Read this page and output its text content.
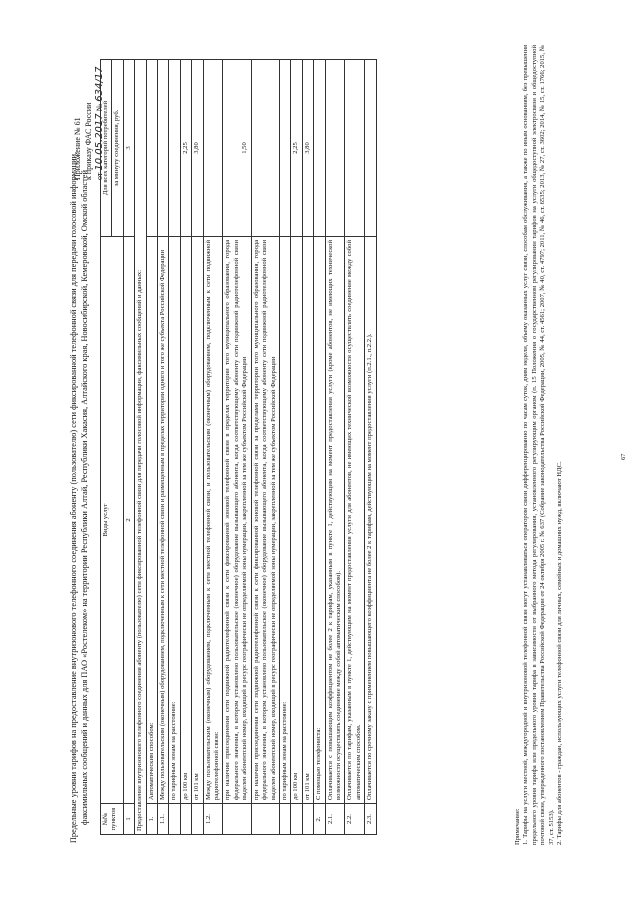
Приложение № 61 к приказу ФАС России от 10.05.2017 № 634/17
Предельные уровни тарифов на предоставление внутризонового телефонного соединения абоненту (пользователю) сети фиксированной телефонной связи для передачи голосовой информации, факсимильных сообщений и данных для ПАО «Ростелеком» на территории Республики Алтай, Республики Хакасия, Алтайского края, Новосибирской, Кемеровской, Омской областей №№ пунктов	Виды услуг	Для всех категорий потребителей
		за минуту соединения, руб.
1	2	3
Предоставление внутризонового телефонного соединения абоненту (пользователю) сети фиксированной телефонной связи для передачи голосовой информации, факсимильных сообщений и данных:		
1.	Автоматическим способом:	
1.1.	Между пользовательским (оконечным) оборудованием, подключенным к сети местной телефонной связи и размещенным в пределах территории одного и того же субъекта Российской Федерации	
	по тарифным зонам на расстояние:	
	до 100 км	2,25
	от 101 км	3,80
1.2.	Между пользовательским (оконечным) оборудованием, подключенным к сети местной телефонной связи, и пользовательским (оконечным) оборудованием, подключенным к сети подвижной радиотелефонной связи:	
	при наличии присоединения сети подвижной радиотелефонной связи к сети фиксированной зоновой телефонной связи в пределах территории того муниципального образования, города федерального значения, в котором установлено пользовательское (оконечное) оборудование вызывающего абонента, когда соответствующему абоненту сети подвижной радиотелефонной связи выделен абонентский номер, входящий в ресурс географически не определяемой зоны нумерации, закрепленной за тем же субъектом Российской Федерации	1,50
	при наличии присоединения сети подвижной радиотелефонной связи к сети фиксированной зоновой телефонной связи за пределами территории того муниципального образования, города федерального значения, в котором установлено пользовательское (оконечное) оборудование вызывающего абонента, когда соответствующему абоненту сети подвижной радиотелефонной связи выделен абонентский номер, входящий в ресурс географически не определяемой зоны нумерации, закрепленной за тем же субъектом Российской Федерации	
	по тарифным зонам на расстояние:	
	до 100 км	2,25
	от 101 км	3,80
2.	С помощью телефониста:	
2.1.	Оплачивается с повышающим коэффициентом не более 2 к тарифам, указанным в пункте 1, действующим на момент предоставления услуги (кроме абонентов, не имеющих технической возможности осуществлять соединение между собой автоматическим способом).	
2.2.	Оплачивается по тарифам, указанным в пункте 1, действующим на момент предоставления услуги для абонентов, не имеющих технической возможности осуществлять соединение между собой автоматическим способом.	
2.3.	Оплачивается по срочному заказу с применением повышающего коэффициента не более 2 к тарифам, действующим на момент предоставления услуги (п.2.1., п.2.2.).	
Примечание: 1. Тарифы на услуги местной, междугородной и внутризоновой телефонной связи могут устанавливаться оператором связи дифференцированно по часам суток, дням недели, объему оказанных услуг связи, способам обслуживания, а также по иным основаниям, без превышения предельного уровня тарифа или предельного уровня тарифа в зависимости от выбранного метода регулирования, установленного регулирующим органом (п. 15 Положения о государственном регулировании тарифов на услуги общедоступной электросвязи и общедоступной почтовой связи, утвержденного постановлением Правительства Российской Федерации от 24 октября 2005 г. № 637 (Собрание законодательства Российской Федерации, 2005, № 44, ст. 4561; 2007, № 40, ст. 4797; 2011, № 46, ст. 6535; 2013, № 27, ст. 3602; 2014, № 15, ст. 1766; 2015, № 37, ст. 5153). 2. Тарифы для абонентов - граждан, использующих услуги телефонной связи для личных, семейных и домашних нужд, включают НДС.
67
